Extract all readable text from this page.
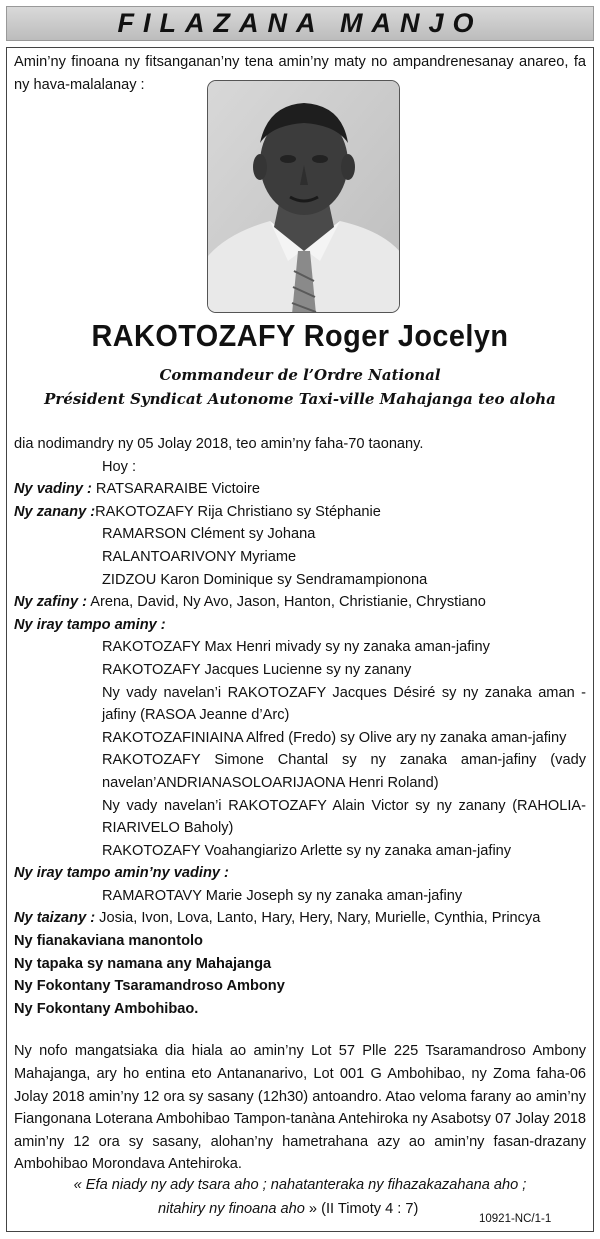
FILAZANA MANJO
Amin’ny finoana ny fitsanganan’ny tena amin’ny maty no ampandrenesanay anareo, fa ny hava-malalanay :
RAKOTOZAFY Roger Jocelyn
Commandeur de l’Ordre National
Président Syndicat Autonome Taxi-ville Mahajanga teo aloha
dia nodimandry ny 05 Jolay 2018, teo amin’ny faha-70 taonany.
Hoy :
Ny vadiny : RATSARARAIBE Victoire
Ny zanany :RAKOTOZAFY Rija Christiano sy Stéphanie
RAMARSON Clément sy Johana
RALANTOARIVONY Myriame
ZIDZOU Karon Dominique sy Sendramampionona
Ny zafiny : Arena, David, Ny Avo, Jason, Hanton, Christianie, Chrystiano
Ny iray tampo aminy :
RAKOTOZAFY Max Henri mivady sy ny zanaka aman-jafiny
RAKOTOZAFY Jacques Lucienne sy ny zanany
Ny vady navelan’i RAKOTOZAFY Jacques Désiré sy ny zanaka aman - jafiny (RASOA Jeanne d’Arc)
RAKOTOZAFINIAINA Alfred (Fredo) sy Olive ary ny zanaka aman-jafiny
RAKOTOZAFY Simone Chantal sy ny zanaka aman-jafiny (vady navelan’ANDRIANASOLOARIJAONA Henri Roland)
Ny vady navelan’i RAKOTOZAFY Alain Victor sy ny zanany (RAHOLIA-RIARIVELO Baholy)
RAKOTOZAFY Voahangiarizo Arlette sy ny zanaka aman-jafiny
Ny iray tampo amin’ny vadiny :
RAMAROTAVY Marie Joseph sy ny zanaka aman-jafiny
Ny taizany : Josia, Ivon, Lova, Lanto, Hary, Hery, Nary, Murielle, Cynthia, Princya
Ny fianakaviana manontolo
Ny tapaka sy namana any Mahajanga
Ny Fokontany Tsaramandroso Ambony
Ny Fokontany Ambohibao.
Ny nofo mangatsiaka dia hiala ao amin’ny Lot 57 Plle 225 Tsaramandroso Ambony Mahajanga, ary ho entina eto Antananarivo, Lot 001 G Ambohibao, ny Zoma faha-06 Jolay 2018 amin’ny 12 ora sy sasany (12h30) antoandro. Atao veloma farany ao amin’ny Fiangonana Loterana Ambohibao Tampon-tanàna Antehiroka ny Asabotsy 07 Jolay 2018 amin’ny 12 ora sy sasany, alohan’ny hametrahana azy ao amin’ny fasan-drazany Ambohibao Morondava Antehiroka.
« Efa niady ny ady tsara aho ; nahatanteraka ny fihazakazahana aho ;
nitahiry ny finoana aho » (II Timoty 4 : 7)
10921-NC/1-1
